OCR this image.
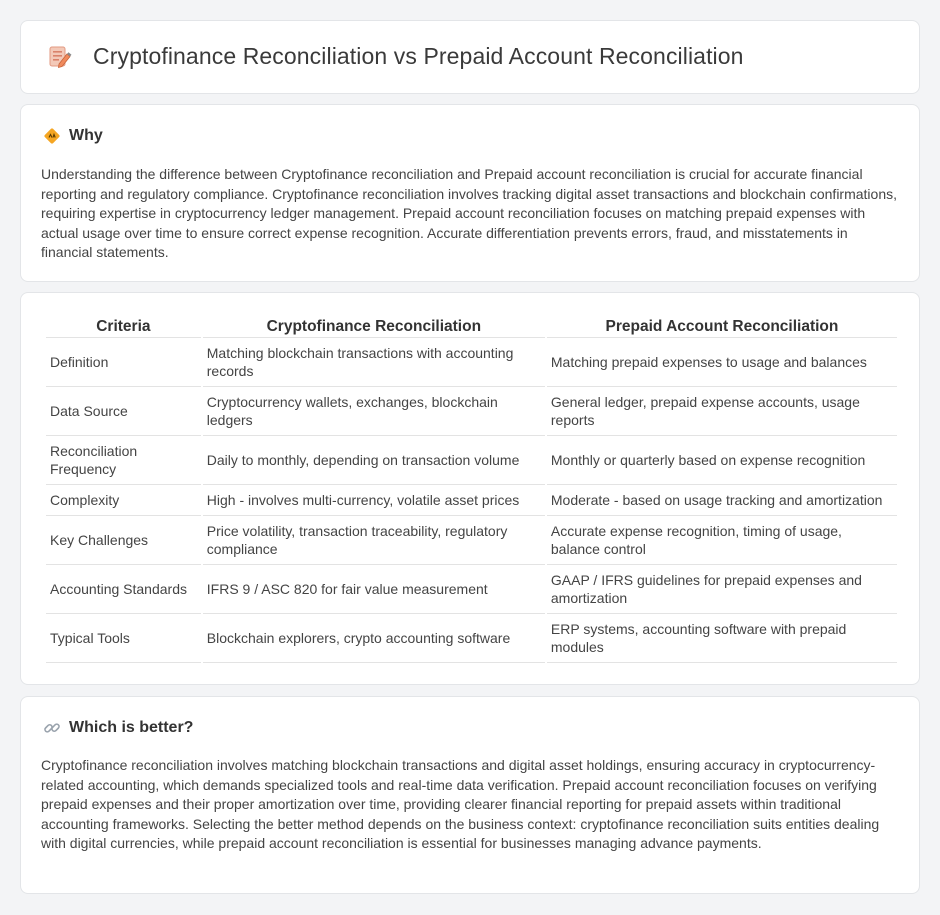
Cryptofinance Reconciliation vs Prepaid Account Reconciliation
Why

Understanding the difference between Cryptofinance reconciliation and Prepaid account reconciliation is crucial for accurate financial reporting and regulatory compliance. Cryptofinance reconciliation involves tracking digital asset transactions and blockchain confirmations, requiring expertise in cryptocurrency ledger management. Prepaid account reconciliation focuses on matching prepaid expenses with actual usage over time to ensure correct expense recognition. Accurate differentiation prevents errors, fraud, and misstatements in financial statements.

Criteria	Cryptofinance Reconciliation	Prepaid Account Reconciliation
Definition	Matching blockchain transactions with accounting records	Matching prepaid expenses to usage and balances
Data Source	Cryptocurrency wallets, exchanges, blockchain ledgers	General ledger, prepaid expense accounts, usage reports
Reconciliation Frequency	Daily to monthly, depending on transaction volume	Monthly or quarterly based on expense recognition
Complexity	High - involves multi-currency, volatile asset prices	Moderate - based on usage tracking and amortization
Key Challenges	Price volatility, transaction traceability, regulatory compliance	Accurate expense recognition, timing of usage, balance control
Accounting Standards	IFRS 9 / ASC 820 for fair value measurement	GAAP / IFRS guidelines for prepaid expenses and amortization
Typical Tools	Blockchain explorers, crypto accounting software	ERP systems, accounting software with prepaid modules
Which is better?

Cryptofinance reconciliation involves matching blockchain transactions and digital asset holdings, ensuring accuracy in cryptocurrency-related accounting, which demands specialized tools and real-time data verification. Prepaid account reconciliation focuses on verifying prepaid expenses and their proper amortization over time, providing clearer financial reporting for prepaid assets within traditional accounting frameworks. Selecting the better method depends on the business context: cryptofinance reconciliation suits entities dealing with digital currencies, while prepaid account reconciliation is essential for businesses managing advance payments.
